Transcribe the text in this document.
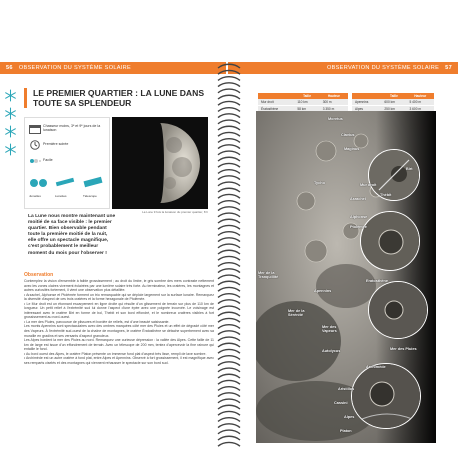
56 OBSERVATION DU SYSTÈME SOLAIRE
LE PREMIER QUARTIER : LA LUNE DANS TOUTE SA SPLENDEUR
Chasseur moins, 3ᵉ et 9ᵉ jours de la lunaison
Première soirée
Facile
Jumelles	Lunettes	Télescope
La Lune 9 fois la lunaison du premier quartier, 8 h
La Lune nous montre maintenant une moitié de sa face visible : le premier quartier. Bien observable pendant toute la première moitié de la nuit, elle offre un spectacle magnifique, c'est probablement le meilleur moment du mois pour l'observer !
Observation

Contemplez la vision d'ensemble à faible grossissement ; au droit du limbe, le gris sombre des mers contraste nettement avec les zones claires vivement éclairées par une lumière solaire très forte. Au terminateur, les cratères, les montagnes et autres curiosités fortement, il vient une observation plus détaillée.

• Arzachel, Alphonse et Ptolémée forment un trio remarquable qui se déploie largement sur la surface lunaire. Remarquez la diversité d'aspect de ces trois cratères et la forme hexagonale de Ptolémée.

• Le Mur droit est un étonnant escarpement en ligne droite qui résulte d'un glissement de terrain sur plus de 110 km de longueur. Un petit relief à l'extrémité sud lui donne l'aspect d'une épée avec une poignée incurvée. Le voisinage est intéressant avec le cratère Birt en forme de bol, Thebit et son bord effondré, et le nombreux cratères visibles à fort grossissement au nord-ouest.

• La mer des Pluies, parcourue de plissures et bordée de reliefs, est d'une beauté saisissante.

Les monts Apennins sont spectaculaires avec des ombres marquées côté mer des Pluies et un effet de dégradé côté mer des Vapeurs. À l'extrémité sud-ouest de la chaîne de montagnes, le cratère Ératosthène se détache superbement avec sa muraille en gradins et ses versants d'aspect granuleux.

Les Alpes bordent la mer des Pluies au nord. Remarquez une curieuse dépression : la vallée des Alpes. Cette faille de 11 km de large est issue d'un effondrement de terrain. Avec un télescope de 200 mm, tentez d'apercevoir la fine rainure qui entaille le fond.

• Au bord ouest des Alpes, le cratère Platon présente un immense fond plat d'aspect très lisse, rempli de lave sombre.

• Archimède est un autre cratère à fond plat, entre Alpes et Apennins. Observé à fort grossissement, il est magnifique avec ses remparts ciselés et des montagnes qui viennent rehausser le spectacle sur son bord sud.

OBSERVATION DU SYSTÈME SOLAIRE 57
	Taille	Hauteur
Mur droit	110 km	300 m
Ératosthène	58 km	3 350 m
	Taille	Hauteur
Apennins	600 km	5 400 m
Alpes	250 km	3 600 m
Moretus
Clavius
Maginus
Tycho
Birt
Mur droit
Thébit
Arzachel
Alphonse
Ptolémée
Mer de la Tranquillité
Eratosthène
Mer de la Sérénité
Apennins
Mer des Vapeurs
Autolycus	Mer des Pluies
Archimède
Aristillus
Cassini
Alpes
Platon
